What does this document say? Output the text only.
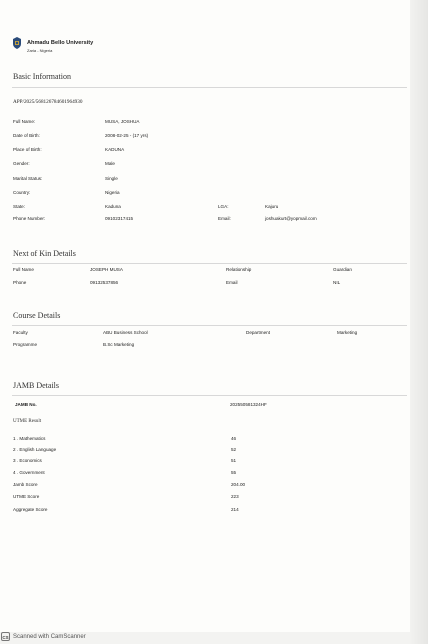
Ahmadu Bello University
Zaria - Nigeria
Basic Information
APP/2025/568126784601964930
Full Name:	MUSA, JOSHUA
Date of Birth:	2008-02-25 - (17 yrs)
Place of Birth:	KADUNA
Gender:	Male
Marital Status:	Single
Country:	Nigeria
State:	Kaduna	LGA:	Kajuru
Phone Number:	09102317415	Email:	joshuakurt@yopmail.com
Next of Kin Details
Full Name	JOSEPH MUSA	Relationship	Guardian
Phone	09132537856	Email	NIL
Course Details
Faculty	ABU Business School	Department	Marketing
Programme	B.Sc Marketing
JAMB Details
JAMB No.	202550581324HF
UTME Result
1 . Mathematics	46
2 . English Language	52
3 . Economics	51
4 . Government	55
Jamb Score	204.00
UTME Score	223
Aggregate Score	214
CS Scanned with CamScanner
